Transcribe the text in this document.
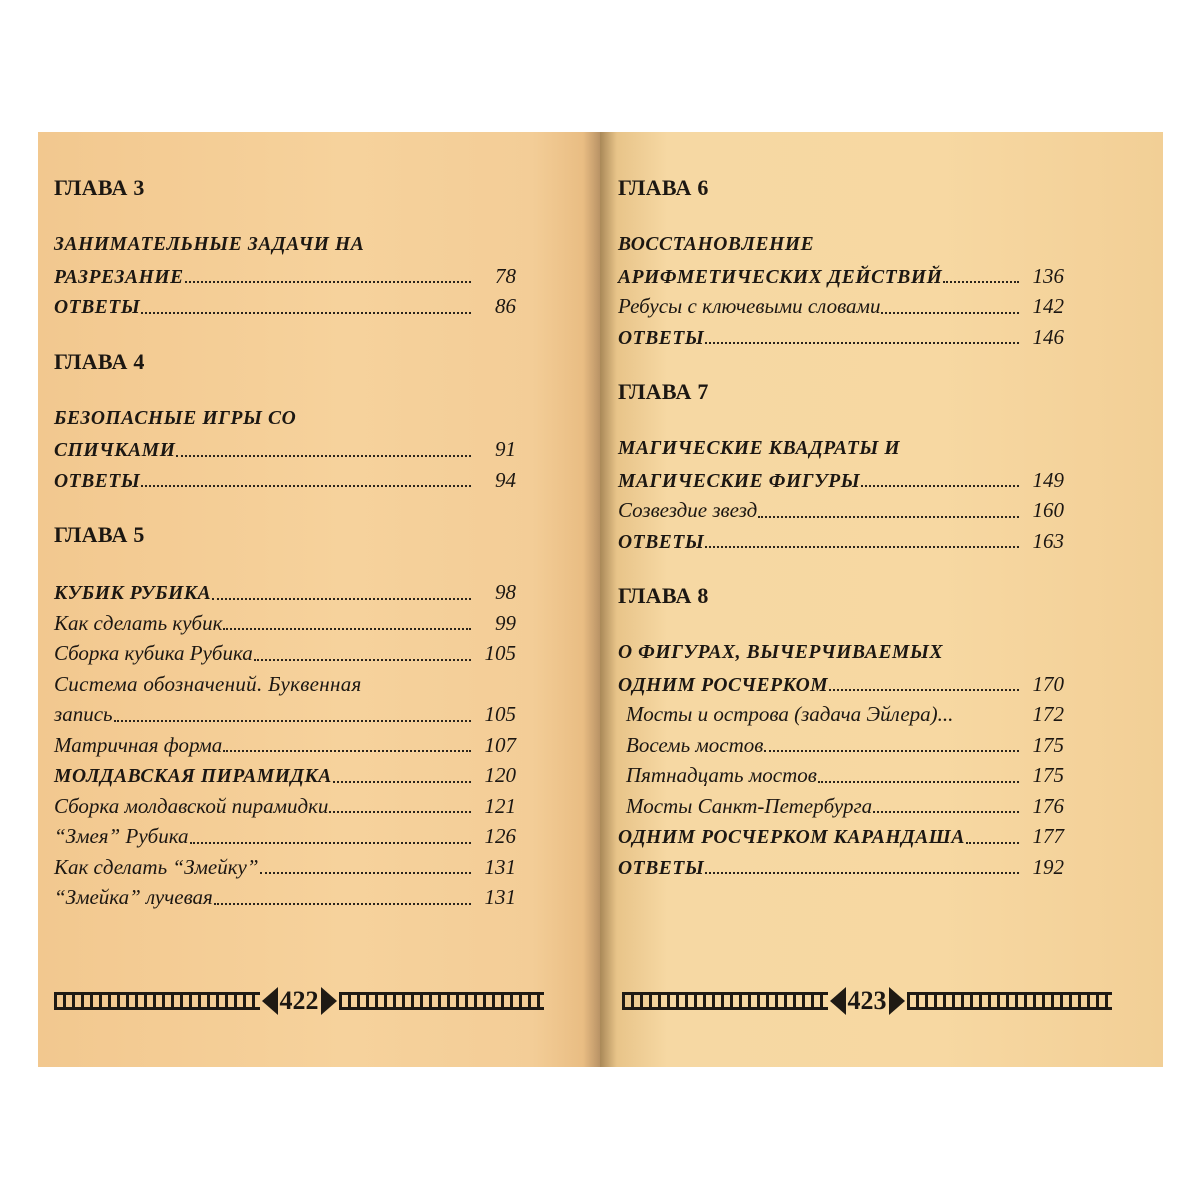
ГЛАВА 3
ЗАНИМАТЕЛЬНЫЕ ЗАДАЧИ НА
РАЗРЕЗАНИЕ	78
ОТВЕТЫ	86
ГЛАВА 4
БЕЗОПАСНЫЕ ИГРЫ СО
СПИЧКАМИ	91
ОТВЕТЫ	94
ГЛАВА 5
КУБИК РУБИКА	98
Как сделать кубик	99
Сборка кубика Рубика	105
Система обозначений. Буквенная
запись	105
Матричная форма	107
МОЛДАВСКАЯ ПИРАМИДКА	120
Сборка молдавской пирамидки	121
“Змея” Рубика	126
Как сделать “Змейку”	131
“Змейка” лучевая	131
422
ГЛАВА 6
ВОССТАНОВЛЕНИЕ
АРИФМЕТИЧЕСКИХ ДЕЙСТВИЙ	136
Ребусы с ключевыми словами	142
ОТВЕТЫ	146
ГЛАВА 7
МАГИЧЕСКИЕ КВАДРАТЫ И
МАГИЧЕСКИЕ ФИГУРЫ	149
Созвездие звезд	160
ОТВЕТЫ	163
ГЛАВА 8
О ФИГУРАХ, ВЫЧЕРЧИВАЕМЫХ
ОДНИМ РОСЧЕРКОМ	170
Мосты и острова (задача Эйлера)...	172
Восемь мостов	175
Пятнадцать мостов	175
Мосты Санкт-Петербурга	176
ОДНИМ РОСЧЕРКОМ КАРАНДАША	177
ОТВЕТЫ	192
423
